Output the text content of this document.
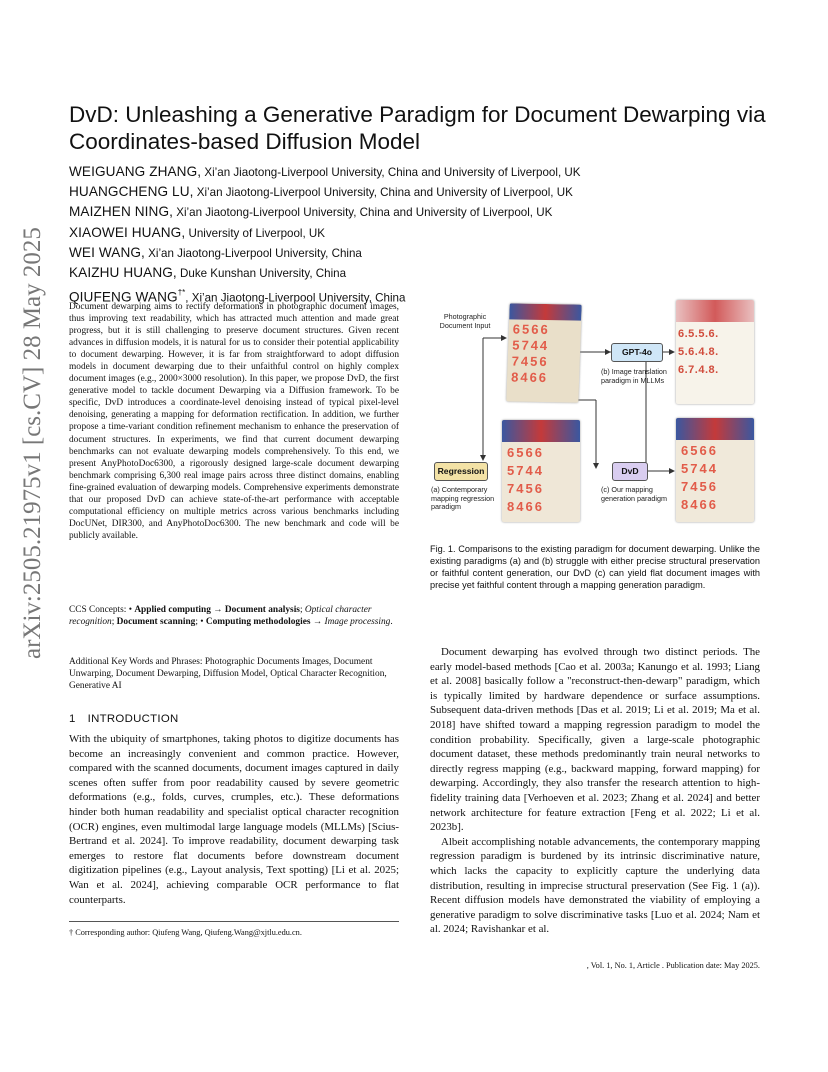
arXiv:2505.21975v1 [cs.CV] 28 May 2025
DvD: Unleashing a Generative Paradigm for Document Dewarping via Coordinates-based Diffusion Model
WEIGUANG ZHANG, Xi’an Jiaotong-Liverpool University, China and University of Liverpool, UK
HUANGCHENG LU, Xi’an Jiaotong-Liverpool University, China and University of Liverpool, UK
MAIZHEN NING, Xi’an Jiaotong-Liverpool University, China and University of Liverpool, UK
XIAOWEI HUANG, University of Liverpool, UK
WEI WANG, Xi’an Jiaotong-Liverpool University, China
KAIZHU HUANG, Duke Kunshan University, China
QIUFENG WANG†*, Xi’an Jiaotong-Liverpool University, China
Document dewarping aims to rectify deformations in photographic document images, thus improving text readability, which has attracted much attention and made great progress, but it is still challenging to preserve document structures. Given recent advances in diffusion models, it is natural for us to consider their potential applicability to document dewarping. However, it is far from straightforward to adopt diffusion models in document dewarping due to their unfaithful control on highly complex document images (e.g., 2000×3000 resolution). In this paper, we propose DvD, the first generative model to tackle document Dewarping via a Diffusion framework. To be specific, DvD introduces a coordinate-level denoising instead of typical pixel-level denoising, generating a mapping for deformation rectification. In addition, we further propose a time-variant condition refinement mechanism to enhance the preservation of document structures. In experiments, we find that current document dewarping benchmarks can not evaluate dewarping models comprehensively. To this end, we present AnyPhotoDoc6300, a rigorously designed large-scale document dewarping benchmark comprising 6,300 real image pairs across three distinct domains, enabling fine-grained evaluation of dewarping models. Comprehensive experiments demonstrate that our proposed DvD can achieve state-of-the-art performance with acceptable computational efficiency on multiple metrics across various benchmarks including DocUNet, DIR300, and AnyPhotoDoc6300. The new benchmark and code will be publicly available.
CCS Concepts: • Applied computing → Document analysis; Optical character recognition; Document scanning; • Computing methodologies → Image processing.
Additional Key Words and Phrases: Photographic Documents Images, Document Unwarping, Document Dewarping, Diffusion Model, Optical Character Recognition, Generative AI
1 INTRODUCTION
With the ubiquity of smartphones, taking photos to digitize documents has become an increasingly convenient and common practice. However, compared with the scanned documents, document images captured in daily scenes often suffer from poor readability caused by severe geometric deformations (e.g., folds, curves, crumples, etc.). These deformations hinder both human readability and specialist optical character recognition (OCR) engines, even multimodal large language models (MLLMs) [Scius-Bertrand et al. 2024]. To improve readability, document dewarping task emerges to restore flat documents before downstream document digitization pipelines (e.g., Layout analysis, Text spotting) [Li et al. 2025; Wan et al. 2024], achieving comparable OCR performance to flat counterparts.
† Corresponding author: Qiufeng Wang, Qiufeng.Wang@xjtlu.edu.cn.
Photographic Document Input	6566
5744
7456
8466
GPT-4o
(b) Image translation paradigm in MLLMs
6.5.5.6.
5.6.4.8.
6.7.4.8.
Regression
(a) Contemporary mapping regression paradigm
6566
5744
7456
8466
DvD
(c) Our mapping generation paradigm
6566
5744
7456
8466
Fig. 1. Comparisons to the existing paradigm for document dewarping. Unlike the existing paradigms (a) and (b) struggle with either precise structural preservation or faithful content generation, our DvD (c) can yield flat document images with precise yet faithful content through a mapping generation paradigm.

Document dewarping has evolved through two distinct periods. The early model-based methods [Cao et al. 2003a; Kanungo et al. 1993; Liang et al. 2008] basically follow a "reconstruct-then-dewarp" paradigm, which is typically limited by hardware dependence or surface assumptions. Subsequent data-driven methods [Das et al. 2019; Li et al. 2019; Ma et al. 2018] have shifted toward a mapping regression paradigm to model the condition probability. Specifically, given a large-scale photographic document dataset, these methods predominantly train neural networks to directly regress mapping (e.g., backward mapping, forward mapping) for dewarping. Accordingly, they also transfer the research attention to high-fidelity training data [Verhoeven et al. 2023; Zhang et al. 2024] and better network architecture for feature extraction [Feng et al. 2022; Li et al. 2023b].

Albeit accomplishing notable advancements, the contemporary mapping regression paradigm is burdened by its intrinsic discriminative nature, which lacks the capacity to explicitly capture the underlying data distribution, resulting in imprecise structural preservation (See Fig. 1 (a)). Recent diffusion models have demonstrated the viability of employing a generative paradigm to solve discriminative tasks [Luo et al. 2024; Nam et al. 2024; Ravishankar et al.

, Vol. 1, No. 1, Article . Publication date: May 2025.
